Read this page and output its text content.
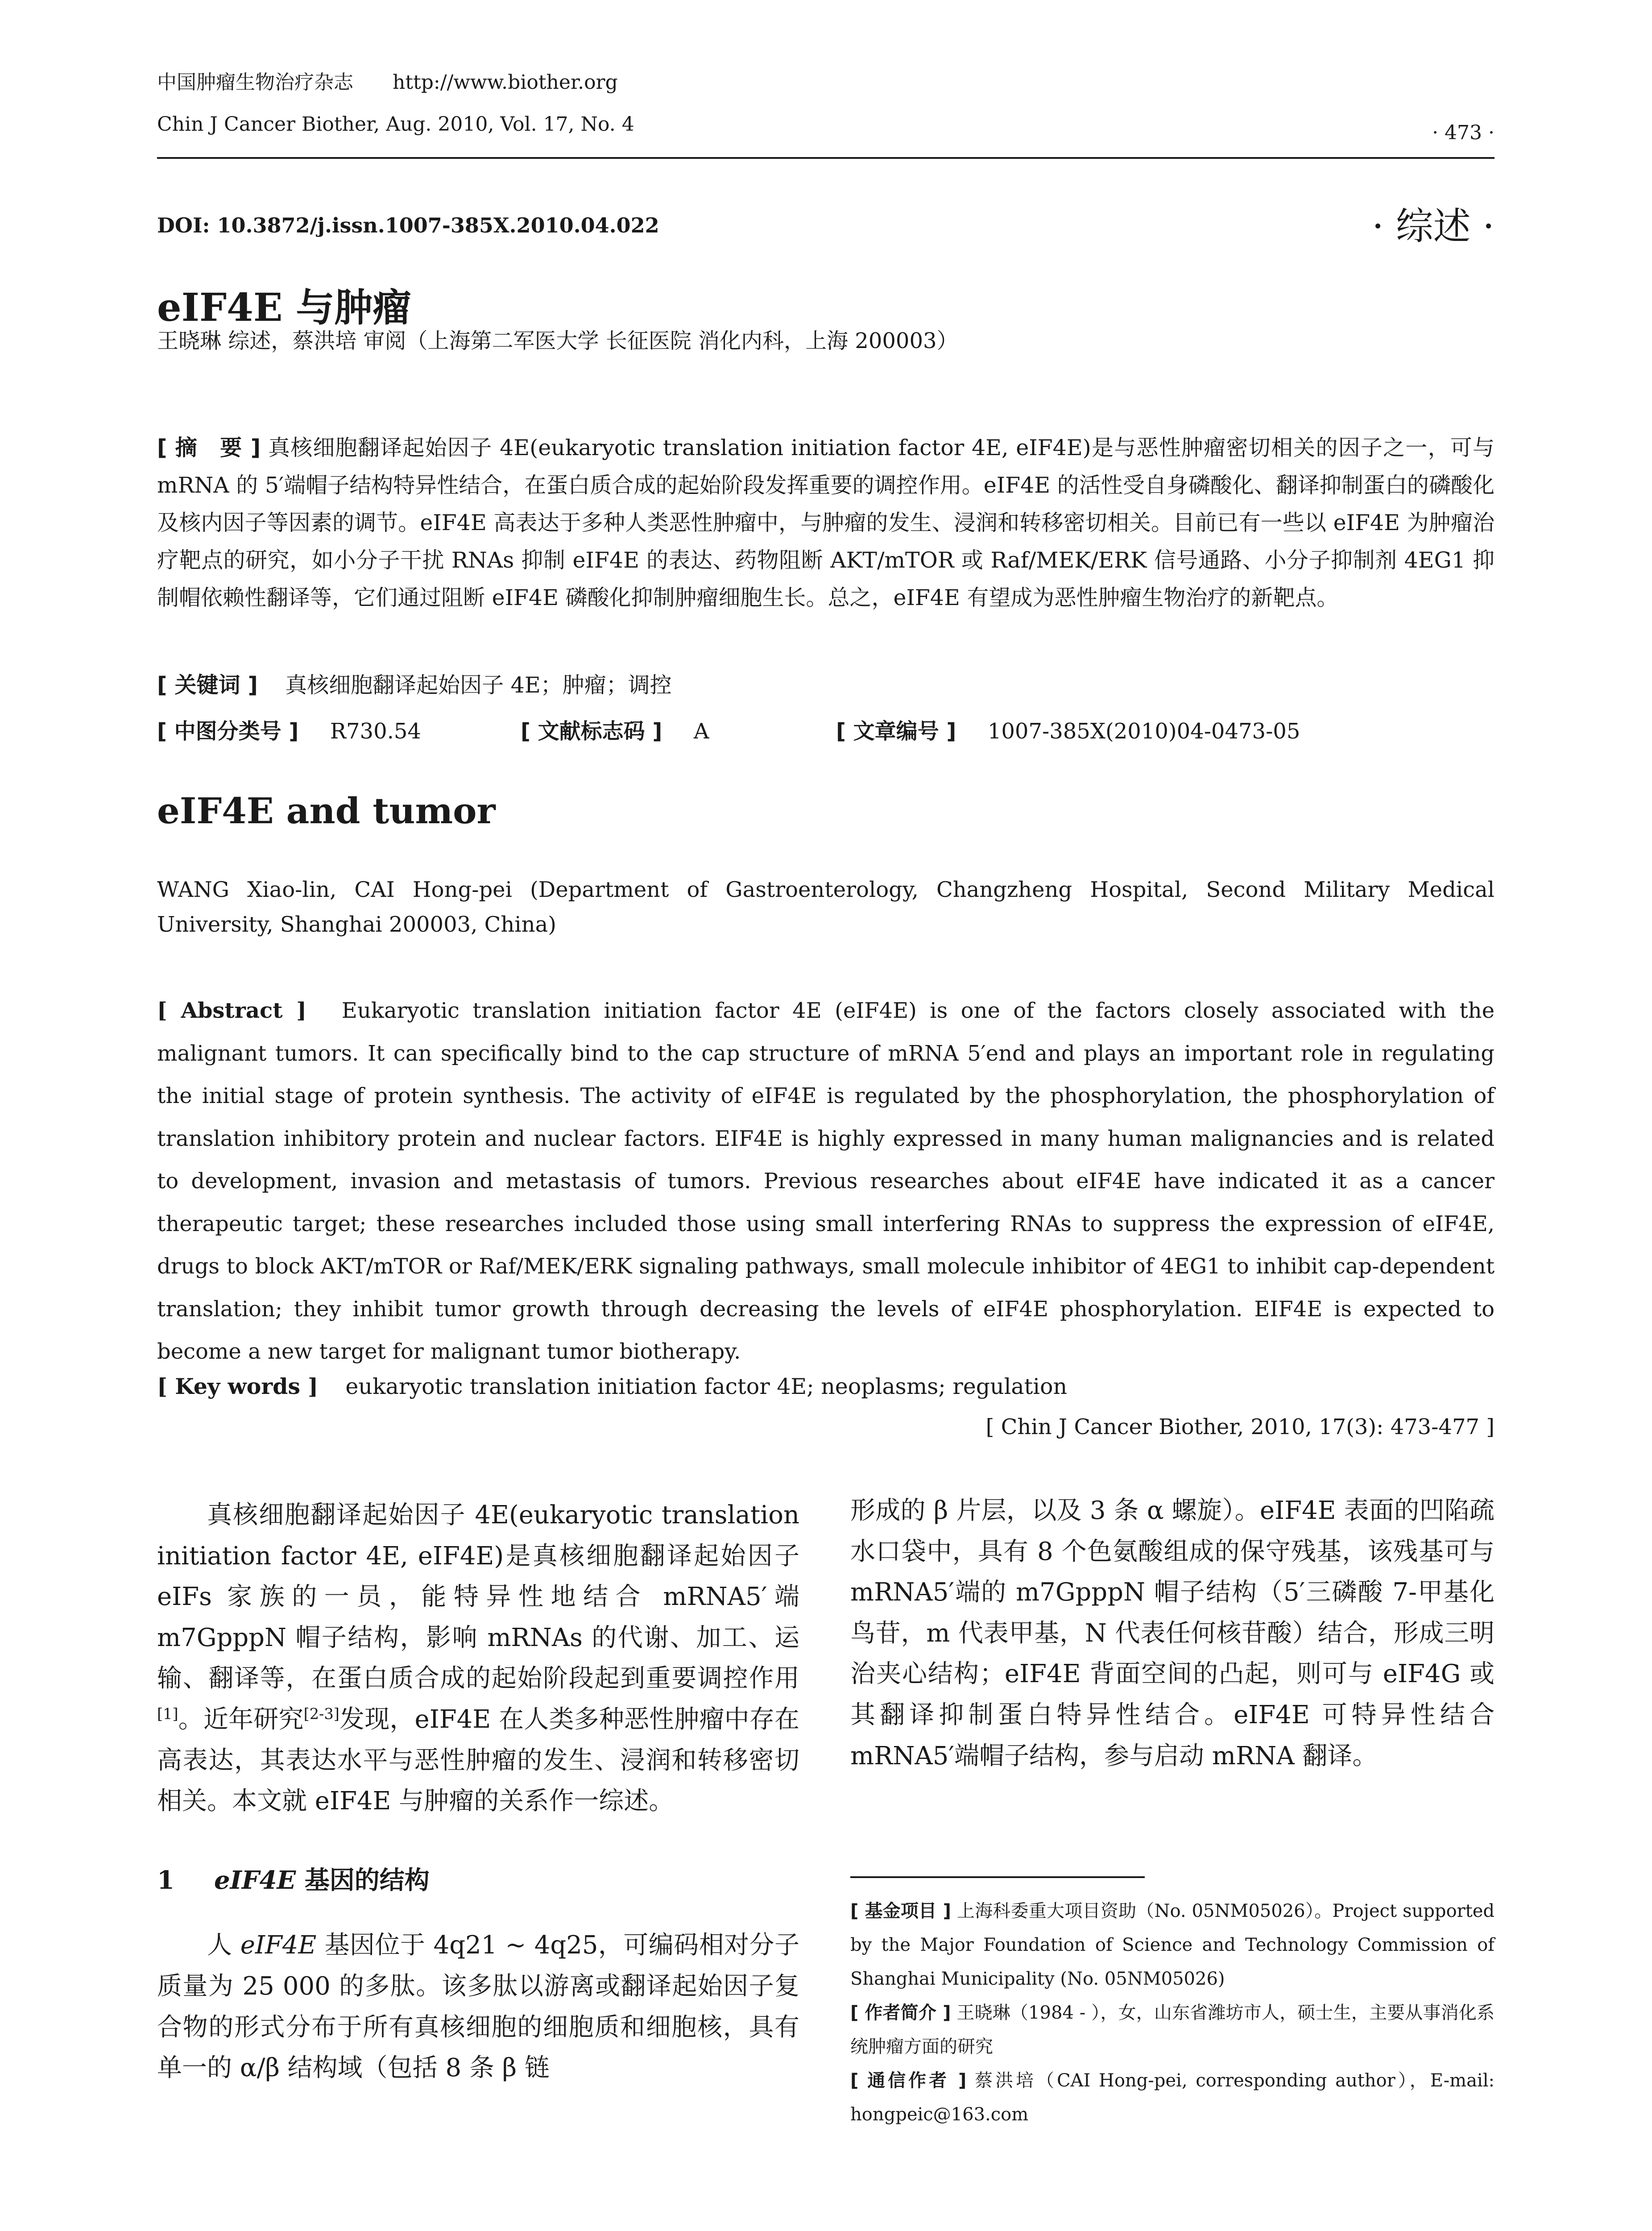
中国肿瘤生物治疗杂志 http://www.biother.org
Chin J Cancer Biother, Aug. 2010, Vol. 17, No. 4	· 473 ·
DOI: 10.3872/j.issn.1007-385X.2010.04.022	· 综述 ·
eIF4E 与肿瘤
王晓琳 综述，蔡洪培 审阅（上海第二军医大学 长征医院 消化内科，上海 200003）
[ 摘　要 ] 真核细胞翻译起始因子 4E(eukaryotic translation initiation factor 4E, eIF4E)是与恶性肿瘤密切相关的因子之一，可与 mRNA 的 5′端帽子结构特异性结合，在蛋白质合成的起始阶段发挥重要的调控作用。eIF4E 的活性受自身磷酸化、翻译抑制蛋白的磷酸化及核内因子等因素的调节。eIF4E 高表达于多种人类恶性肿瘤中，与肿瘤的发生、浸润和转移密切相关。目前已有一些以 eIF4E 为肿瘤治疗靶点的研究，如小分子干扰 RNAs 抑制 eIF4E 的表达、药物阻断 AKT/mTOR 或 Raf/MEK/ERK 信号通路、小分子抑制剂 4EG1 抑制帽依赖性翻译等，它们通过阻断 eIF4E 磷酸化抑制肿瘤细胞生长。总之，eIF4E 有望成为恶性肿瘤生物治疗的新靶点。
[ 关键词 ] 真核细胞翻译起始因子 4E；肿瘤；调控
[ 中图分类号 ] R730.54	[ 文献标志码 ] A	[ 文章编号 ] 1007-385X(2010)04-0473-05
eIF4E and tumor
WANG Xiao-lin, CAI Hong-pei (Department of Gastroenterology, Changzheng Hospital, Second Military Medical University, Shanghai 200003, China)
[ Abstract ] Eukaryotic translation initiation factor 4E (eIF4E) is one of the factors closely associated with the malignant tumors. It can specifically bind to the cap structure of mRNA 5′end and plays an important role in regulating the initial stage of protein synthesis. The activity of eIF4E is regulated by the phosphorylation, the phosphorylation of translation inhibitory protein and nuclear factors. EIF4E is highly expressed in many human malignancies and is related to development, invasion and metastasis of tumors. Previous researches about eIF4E have indicated it as a cancer therapeutic target; these researches included those using small interfering RNAs to suppress the expression of eIF4E, drugs to block AKT/mTOR or Raf/MEK/ERK signaling pathways, small molecule inhibitor of 4EG1 to inhibit cap-dependent translation; they inhibit tumor growth through decreasing the levels of eIF4E phosphorylation. EIF4E is expected to become a new target for malignant tumor biotherapy.
[ Key words ] eukaryotic translation initiation factor 4E; neoplasms; regulation
[ Chin J Cancer Biother, 2010, 17(3): 473-477 ]

真核细胞翻译起始因子 4E(eukaryotic translation initiation factor 4E, eIF4E)是真核细胞翻译起始因子 eIFs 家族的一员，能特异性地结合 mRNA5′端 m7GpppN 帽子结构，影响 mRNAs 的代谢、加工、运输、翻译等，在蛋白质合成的起始阶段起到重要调控作用[1]。近年研究[2-3]发现，eIF4E 在人类多种恶性肿瘤中存在高表达，其表达水平与恶性肿瘤的发生、浸润和转移密切相关。本文就 eIF4E 与肿瘤的关系作一综述。

1 eIF4E 基因的结构

人 eIF4E 基因位于 4q21 ~ 4q25，可编码相对分子质量为 25 000 的多肽。该多肽以游离或翻译起始因子复合物的形式分布于所有真核细胞的细胞质和细胞核，具有单一的 α/β 结构域（包括 8 条 β 链

形成的 β 片层，以及 3 条 α 螺旋）。eIF4E 表面的凹陷疏水口袋中，具有 8 个色氨酸组成的保守残基，该残基可与 mRNA5′端的 m7GpppN 帽子结构（5′三磷酸 7-甲基化鸟苷，m 代表甲基，N 代表任何核苷酸）结合，形成三明治夹心结构；eIF4E 背面空间的凸起，则可与 eIF4G 或其翻译抑制蛋白特异性结合。eIF4E 可特异性结合 mRNA5′端帽子结构，参与启动 mRNA 翻译。

[ 基金项目 ] 上海科委重大项目资助（No. 05NM05026）。Project supported by the Major Foundation of Science and Technology Commission of Shanghai Municipality (No. 05NM05026)

[ 作者简介 ] 王晓琳（1984 - ），女，山东省潍坊市人，硕士生，主要从事消化系统肿瘤方面的研究

[ 通信作者 ] 蔡洪培（CAI Hong-pei, corresponding author），E-mail: hongpeic@163.com
